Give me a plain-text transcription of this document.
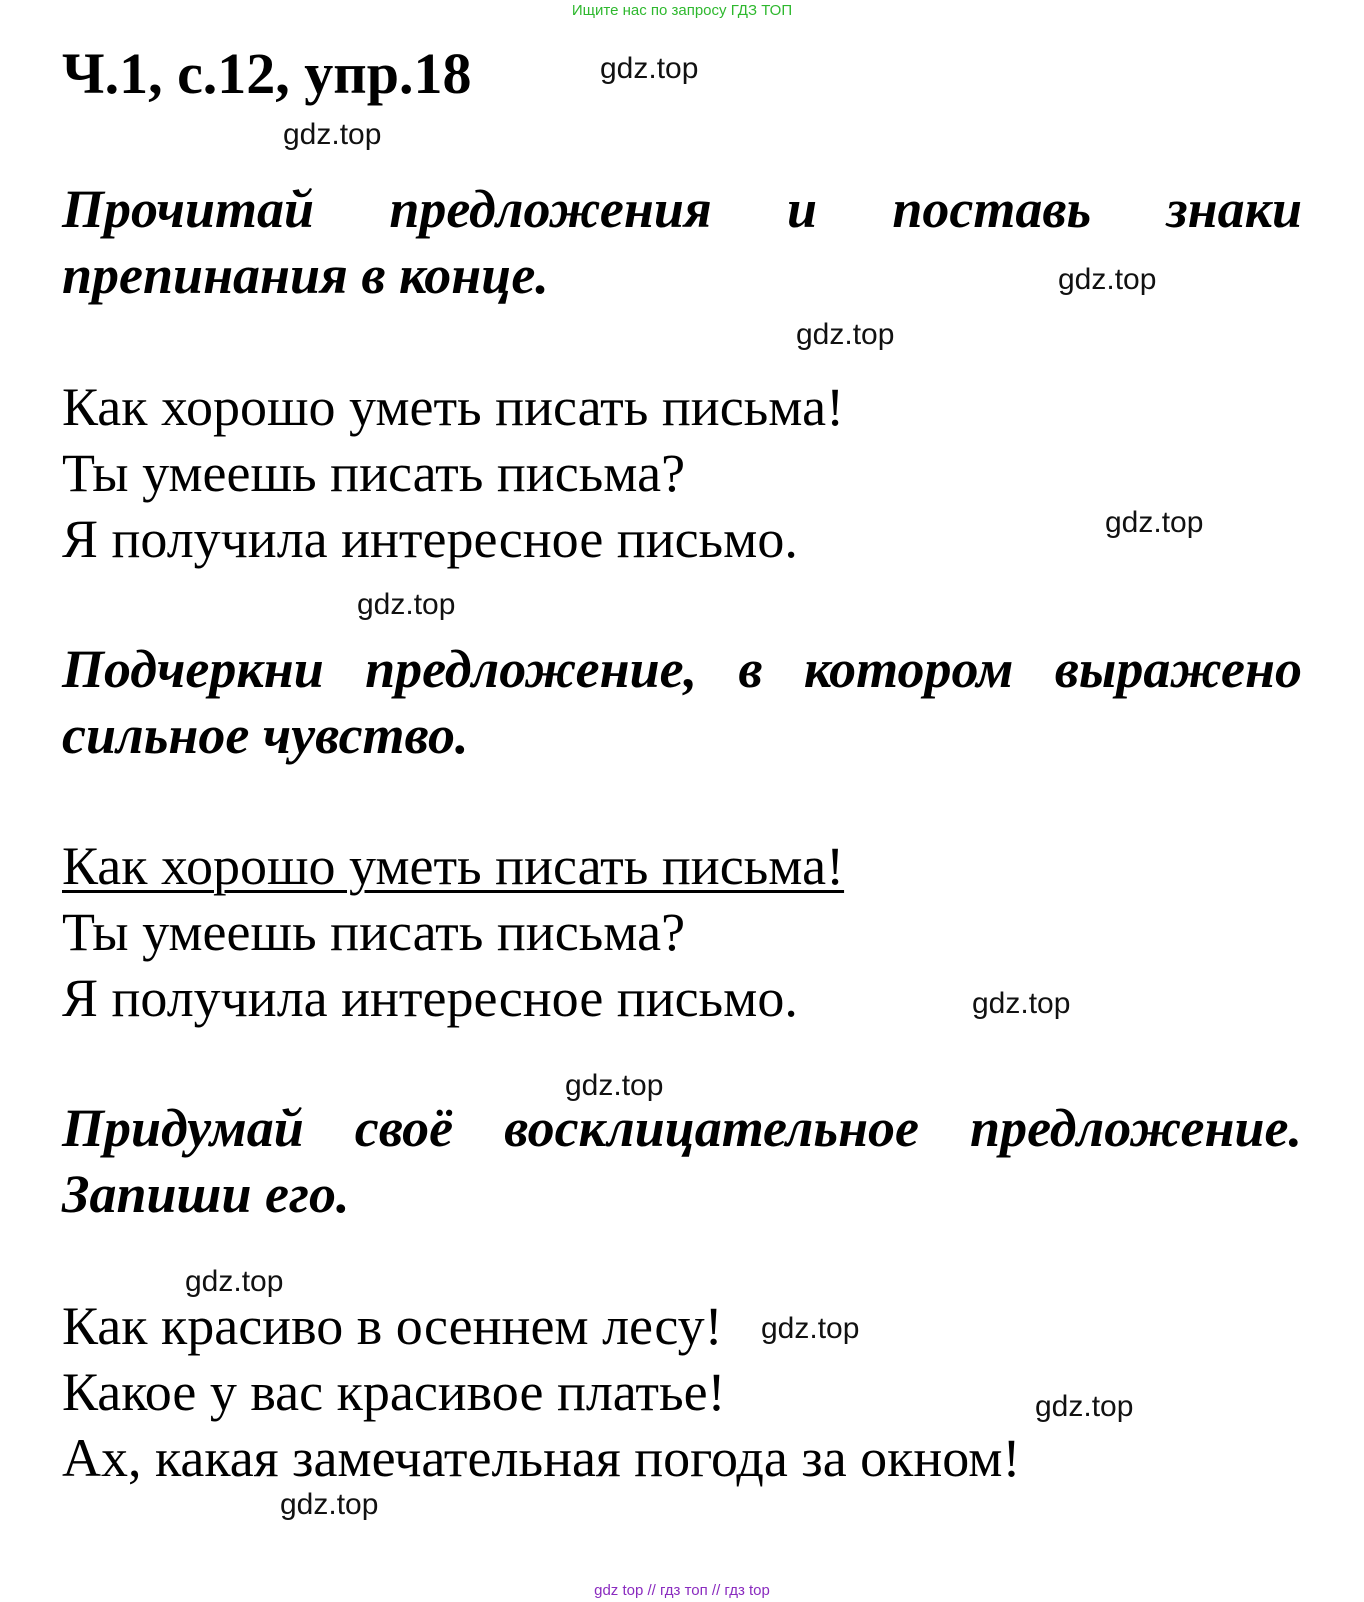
Ищите нас по запросу ГДЗ ТОП
Ч.1, с.12, упр.18
Прочитай предложения и поставь знаки препинания в конце.
Как хорошо уметь писать письма!
Ты умеешь писать письма?
Я получила интересное письмо.
Подчеркни предложение, в котором выражено сильное чувство.
Как хорошо уметь писать письма!
Ты умеешь писать письма?
Я получила интересное письмо.
Придумай своё восклицательное предложение. Запиши его.
Как красиво в осеннем лесу!
Какое у вас красивое платье!
Ах, какая замечательная погода за окном!
gdz.top
gdz.top
gdz.top
gdz.top
gdz.top
gdz.top
gdz.top
gdz.top
gdz.top
gdz.top
gdz.top
gdz.top
gdz top // гдз топ // гдз top
